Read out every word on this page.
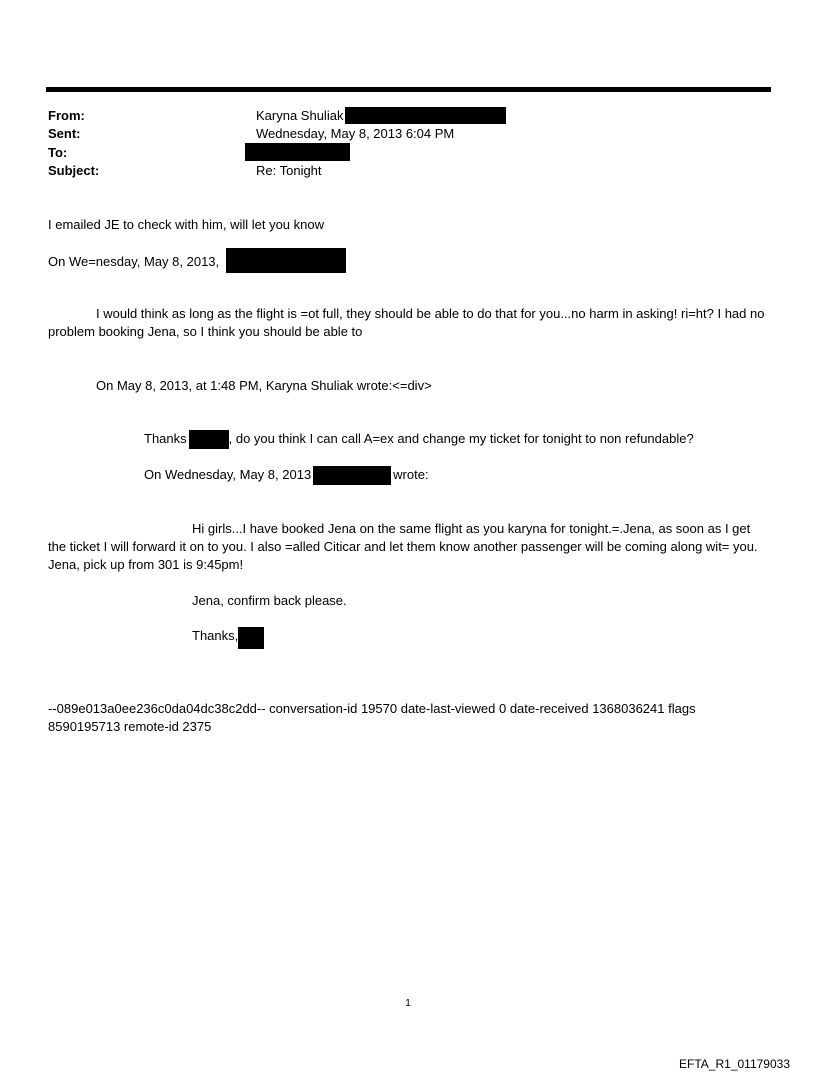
From:	Karyna Shuliak
Sent:	Wednesday, May 8, 2013 6:04 PM
To:
Subject:	Re: Tonight
I emailed JE to check with him, will let you know
On We=nesday, May 8, 2013,
I would think as long as the flight is =ot full, they should be able to do that for you...no harm in asking! ri=ht? I had no problem booking Jena, so I think you should be able to
On May 8, 2013, at 1:48 PM, Karyna Shuliak wrote:<=div>
Thanks	, do you think I can call A=ex and change my ticket for tonight to non refundable?
On Wednesday, May 8, 2013	wrote:
Hi girls...I have booked Jena on the same flight as you karyna for tonight.=.Jena, as soon as I get the ticket I will forward it on to you. I also =alled Citicar and let them know another passenger will be coming along wit= you. Jena, pick up from 301 is 9:45pm!
Jena, confirm back please.
Thanks,
--089e013a0ee236c0da04dc38c2dd-- conversation-id 19570 date-last-viewed 0 date-received 1368036241 flags 8590195713 remote-id 2375
1
EFTA_R1_01179033
